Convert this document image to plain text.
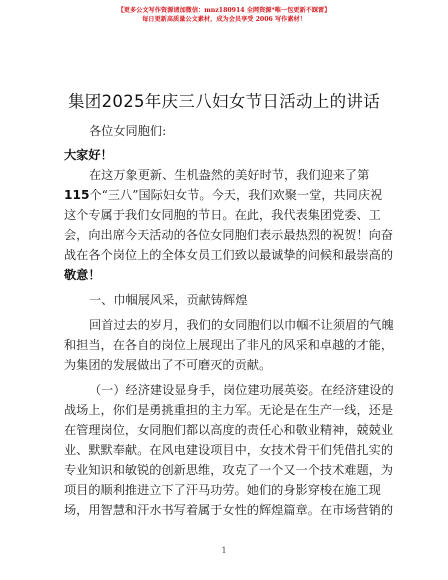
【更多公文写作资源请加微信：mnz180914 全网资源*唯一包更新不踩雷】
每日更新高质量公文素材，成为会员享受 2006 写作素材！
集团2025年庆三八妇女节日活动上的讲话
各位女同胞们:
大家好！
在这万象更新、生机盎然的美好时节，我们迎来了第
115个“三八”国际妇女节。今天，我们欢聚一堂，共同庆祝
这个专属于我们女同胞的节日。在此，我代表集团党委、工
会，向出席今天活动的各位女同胞们表示最热烈的祝贺！向奋
战在各个岗位上的全体女员工们致以最诚挚的问候和最崇高的
敬意！
一、巾帼展风采，贡献铸辉煌
回首过去的岁月，我们的女同胞们以巾帼不让须眉的气魄
和担当，在各自的岗位上展现出了非凡的风采和卓越的才能，
为集团的发展做出了不可磨灭的贡献。
（一）经济建设显身手，岗位建功展英姿。在经济建设的
战场上，你们是勇挑重担的主力军。无论是在生产一线，还是
在管理岗位，女同胞们都以高度的责任心和敬业精神，兢兢业
业、默默奉献。在风电建设项目中，女技术骨干们凭借扎实的
专业知识和敏锐的创新思维，攻克了一个又一个技术难题，为
项目的顺利推进立下了汗马功劳。她们的身影穿梭在施工现
场，用智慧和汗水书写着属于女性的辉煌篇章。在市场营销的
1
